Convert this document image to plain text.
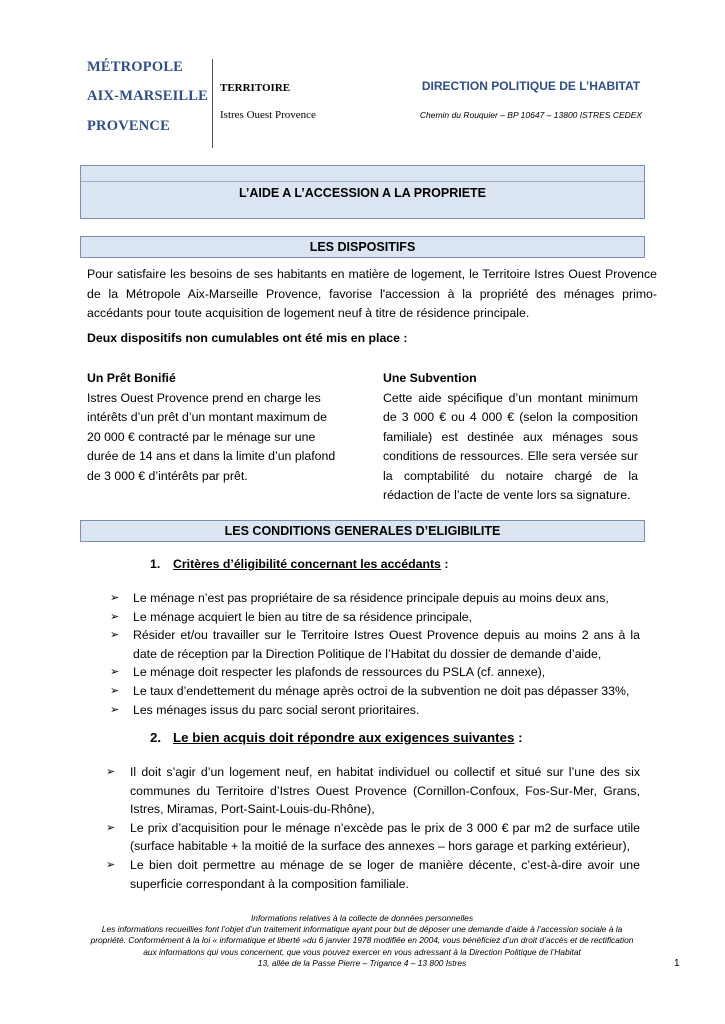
MÉTROPOLE
AIX-MARSEILLE
PROVENCE
TERRITOIRE
Istres Ouest Provence
DIRECTION POLITIQUE DE L’HABITAT
Chemin du Rouquier – BP 10647 – 13800 ISTRES CEDEX
L’AIDE A L’ACCESSION A LA PROPRIETE
LES DISPOSITIFS
Pour satisfaire les besoins de ses habitants en matière de logement, le Territoire Istres Ouest Provence de la Métropole Aix-Marseille Provence, favorise l'accession à la propriété des ménages primo-accédants pour toute acquisition de logement neuf à titre de résidence principale.
Deux dispositifs non cumulables ont été mis en place :
Un Prêt Bonifié
Istres Ouest Provence prend en charge les intérêts d’un prêt d’un montant maximum de 20 000 € contracté par le ménage sur une durée de 14 ans et dans la limite d’un plafond de 3 000 € d’intérêts par prêt.
Une Subvention
Cette aide spécifique d’un montant minimum de 3 000 € ou 4 000 € (selon la composition familiale) est destinée aux ménages sous conditions de ressources. Elle sera versée sur la comptabilité du notaire chargé de la rédaction de l’acte de vente lors sa signature.
LES CONDITIONS GENERALES D’ELIGIBILITE
1. Critères d’éligibilité concernant les accédants :
➢	Le ménage n’est pas propriétaire de sa résidence principale depuis au moins deux ans,
➢	Le ménage acquiert le bien au titre de sa résidence principale,
➢	Résider et/ou travailler sur le Territoire Istres Ouest Provence depuis au moins 2 ans à la date de réception par la Direction Politique de l’Habitat du dossier de demande d’aide,
➢	Le ménage doit respecter les plafonds de ressources du PSLA (cf. annexe),
➢	Le taux d’endettement du ménage après octroi de la subvention ne doit pas dépasser 33%,
➢	Les ménages issus du parc social seront prioritaires.
2. Le bien acquis doit répondre aux exigences suivantes :
➢	Il doit s’agir d’un logement neuf, en habitat individuel ou collectif et situé sur l’une des six communes du Territoire d’Istres Ouest Provence (Cornillon-Confoux, Fos-Sur-Mer, Grans, Istres, Miramas, Port-Saint-Louis-du-Rhône),
➢	Le prix d’acquisition pour le ménage n’excède pas le prix de 3 000 € par m2 de surface utile (surface habitable + la moitié de la surface des annexes – hors garage et parking extérieur),
➢	Le bien doit permettre au ménage de se loger de manière décente, c’est-à-dire avoir une superficie correspondant à la composition familiale.
Informations relatives à la collecte de données personnelles
Les informations recueillies font l’objet d’un traitement informatique ayant pour but de déposer une demande d’aide à l’accession sociale à la propriété. Conformément à la loi « informatique et liberté »du 6 janvier 1978 modifiée en 2004, vous bénéficiez d’un droit d’accès et de rectification aux informations qui vous concernent, que vous pouvez exercer en vous adressant à la Direction Politique de l’Habitat
13, allée de la Passe Pierre – Trigance 4 – 13 800 Istres	1
